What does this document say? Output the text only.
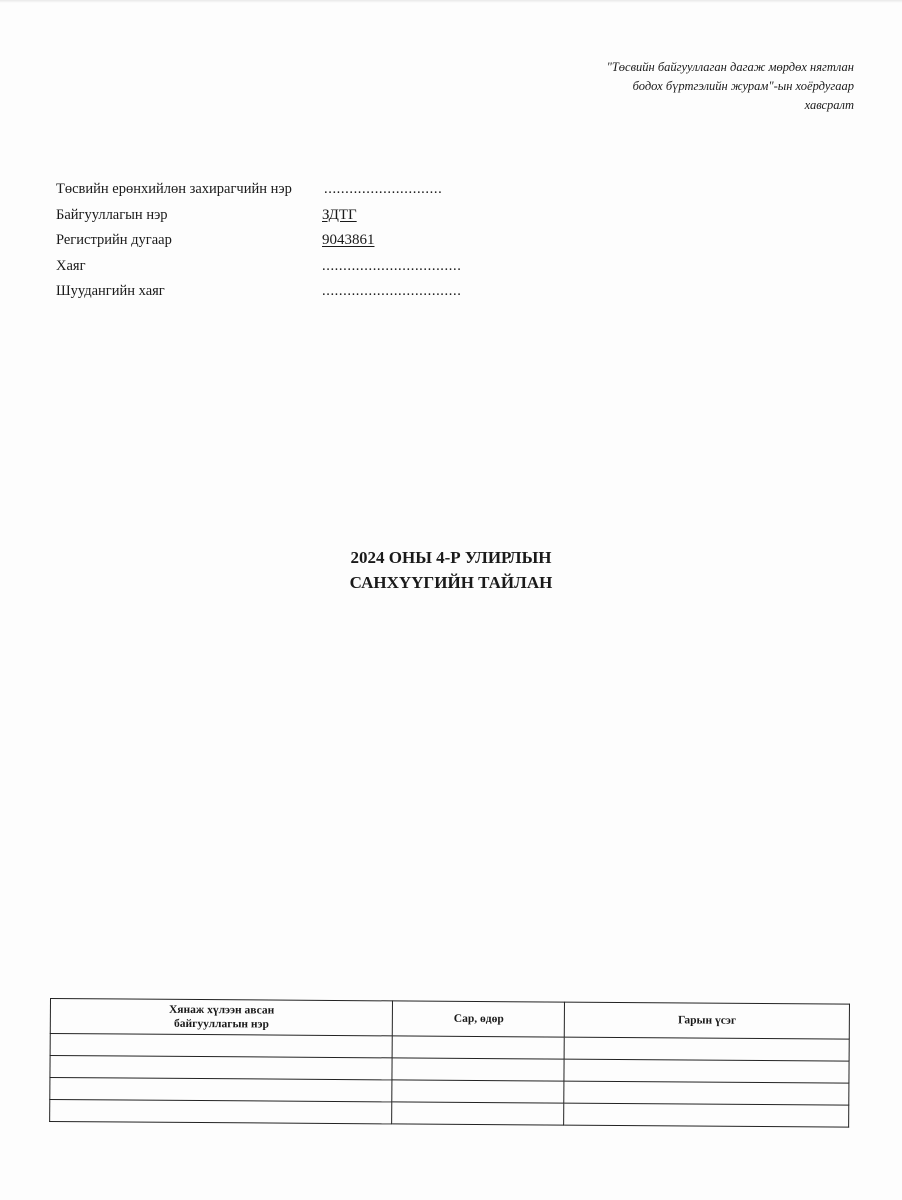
"Төсвийн байгууллаган дагаж мөрдөх нягтлан
бодох бүртгэлийн журам"-ын хоёрдугаар
хавсралт
Төсвийн ерөнхийлөн захирагчийн нэр ............................
Байгууллагын нэр	ЗДТГ
Регистрийн дугаар	9043861
Хаяг	.................................
Шуудангийн хаяг	.................................
2024 ОНЫ 4-Р УЛИРЛЫН
САНХҮҮГИЙН ТАЙЛАН
Хянаж хүлээн авсан
байгууллагын нэр	Сар, өдөр	Гарын үсэг
